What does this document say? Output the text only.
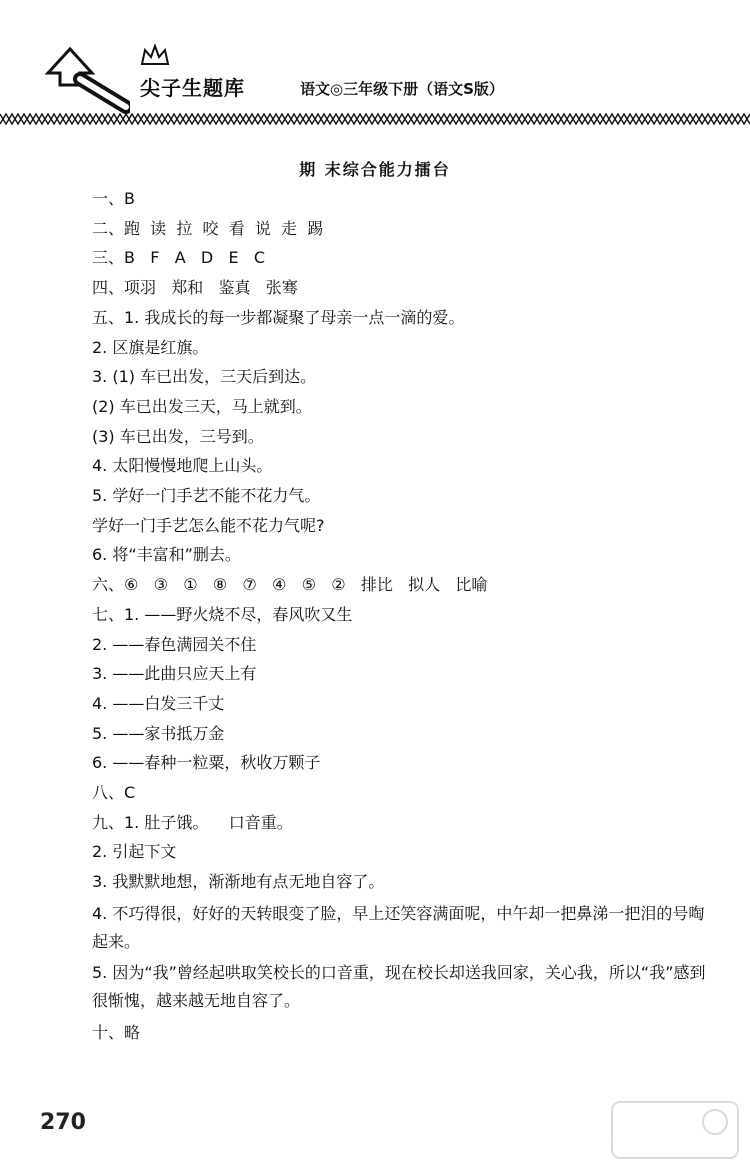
尖子生题库	语文◎三年级下册（语文S版）
期 末综合能力擂台
一、B
二、跑  读  拉  咬  看  说  走  踢
三、B   F   A   D   E   C
四、项羽   郑和   鉴真   张骞
五、1. 我成长的每一步都凝聚了母亲一点一滴的爱。
2. 区旗是红旗。
3. (1) 车已出发，三天后到达。
(2) 车已出发三天，马上就到。
(3) 车已出发，三号到。
4. 太阳慢慢地爬上山头。
5. 学好一门手艺不能不花力气。
学好一门手艺怎么能不花力气呢?
6. 将“丰富和”删去。
六、⑥   ③   ①   ⑧   ⑦   ④   ⑤   ②   排比   拟人   比喻
七、1. ——野火烧不尽，春风吹又生
2. ——春色满园关不住
3. ——此曲只应天上有
4. ——白发三千丈
5. ——家书抵万金
6. ——春种一粒粟，秋收万颗子
八、C
九、1. 肚子饿。    口音重。
2. 引起下文
3. 我默默地想，渐渐地有点无地自容了。
4. 不巧得很，好好的天转眼变了脸，早上还笑容满面呢，中午却一把鼻涕一把泪的号啕起来。
5. 因为“我”曾经起哄取笑校长的口音重，现在校长却送我回家，关心我，所以“我”感到很惭愧，越来越无地自容了。
十、略
270
